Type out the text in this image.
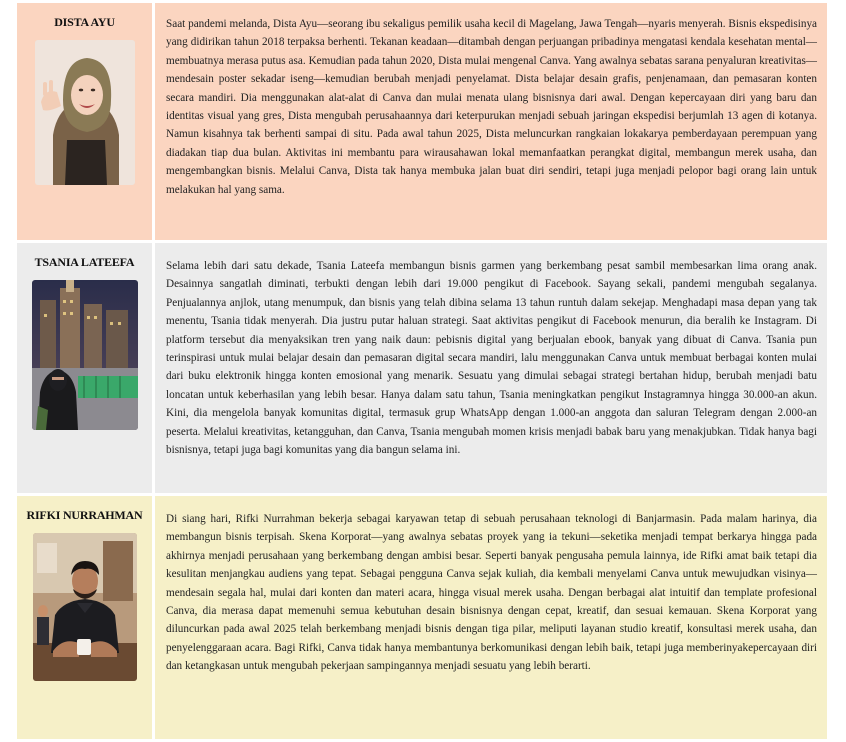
DISTA AYU	Saat pandemi melanda, Dista Ayu—seorang ibu sekaligus pemilik usaha kecil di Magelang, Jawa Tengah—nyaris menyerah. Bisnis ekspedisinya yang didirikan tahun 2018 terpaksa berhenti. Tekanan keadaan—ditambah dengan perjuangan pribadinya mengatasi kendala kesehatan mental—membuatnya merasa putus asa. Kemudian pada tahun 2020, Dista mulai mengenal Canva. Yang awalnya sebatas sarana penyaluran kreativitas—mendesain poster sekadar iseng—kemudian berubah menjadi penyelamat. Dista belajar desain grafis, penjenamaan, dan pemasaran konten secara mandiri. Dia menggunakan alat-alat di Canva dan mulai menata ulang bisnisnya dari awal. Dengan kepercayaan diri yang baru dan identitas visual yang gres, Dista mengubah perusahaannya dari keterpurukan menjadi sebuah jaringan ekspedisi berjumlah 13 agen di kotanya. Namun kisahnya tak berhenti sampai di situ. Pada awal tahun 2025, Dista meluncurkan rangkaian lokakarya pemberdayaan perempuan yang diadakan tiap dua bulan. Aktivitas ini membantu para wirausahawan lokal memanfaatkan perangkat digital, membangun merek usaha, dan mengembangkan bisnis. Melalui Canva, Dista tak hanya membuka jalan buat diri sendiri, tetapi juga menjadi pelopor bagi orang lain untuk melakukan hal yang sama.

TSANIA LATEEFA	Selama lebih dari satu dekade, Tsania Lateefa membangun bisnis garmen yang berkembang pesat sambil membesarkan lima orang anak. Desainnya sangatlah diminati, terbukti dengan lebih dari 19.000 pengikut di Facebook. Sayang sekali, pandemi mengubah segalanya. Penjualannya anjlok, utang menumpuk, dan bisnis yang telah dibina selama 13 tahun runtuh dalam sekejap. Menghadapi masa depan yang tak menentu, Tsania tidak menyerah. Dia justru putar haluan strategi. Saat aktivitas pengikut di Facebook menurun, dia beralih ke Instagram. Di platform tersebut dia menyaksikan tren yang naik daun: pebisnis digital yang berjualan ebook, banyak yang dibuat di Canva. Tsania pun terinspirasi untuk mulai belajar desain dan pemasaran digital secara mandiri, lalu menggunakan Canva untuk membuat berbagai konten mulai dari buku elektronik hingga konten emosional yang menarik. Sesuatu yang dimulai sebagai strategi bertahan hidup, berubah menjadi batu loncatan untuk keberhasilan yang lebih besar. Hanya dalam satu tahun, Tsania meningkatkan pengikut Instagramnya hingga 30.000-an akun. Kini, dia mengelola banyak komunitas digital, termasuk grup WhatsApp dengan 1.000-an anggota dan saluran Telegram dengan 2.000-an peserta. Melalui kreativitas, ketangguhan, dan Canva, Tsania mengubah momen krisis menjadi babak baru yang menakjubkan. Tidak hanya bagi bisnisnya, tetapi juga bagi komunitas yang dia bangun selama ini.

RIFKI NURRAHMAN	Di siang hari, Rifki Nurrahman bekerja sebagai karyawan tetap di sebuah perusahaan teknologi di Banjarmasin. Pada malam harinya, dia membangun bisnis terpisah. Skena Korporat—yang awalnya sebatas proyek yang ia tekuni—seketika menjadi tempat berkarya hingga pada akhirnya menjadi perusahaan yang berkembang dengan ambisi besar. Seperti banyak pengusaha pemula lainnya, ide Rifki amat baik tetapi dia kesulitan menjangkau audiens yang tepat. Sebagai pengguna Canva sejak kuliah, dia kembali menyelami Canva untuk mewujudkan visinya—mendesain segala hal, mulai dari konten dan materi acara, hingga visual merek usaha. Dengan berbagai alat intuitif dan template profesional Canva, dia merasa dapat memenuhi semua kebutuhan desain bisnisnya dengan cepat, kreatif, dan sesuai kemauan. Skena Korporat yang diluncurkan pada awal 2025 telah berkembang menjadi bisnis dengan tiga pilar, meliputi layanan studio kreatif, konsultasi merek usaha, dan penyelenggaraan acara. Bagi Rifki, Canva tidak hanya membantunya berkomunikasi dengan lebih baik, tetapi juga memberinyakepercayaan diri dan ketangkasan untuk mengubah pekerjaan sampingannya menjadi sesuatu yang lebih berarti.
